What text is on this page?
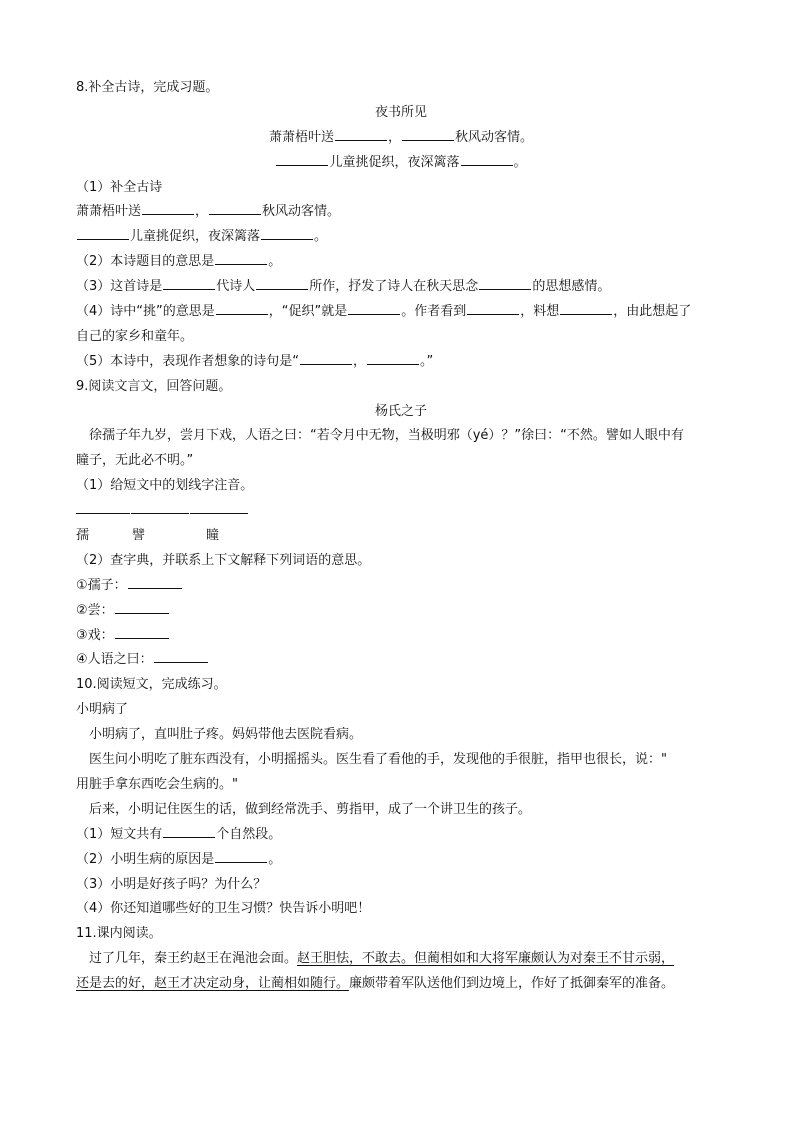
8.补全古诗，完成习题。
夜书所见
萧萧梧叶送	，	秋风动客情。
儿童挑促织，夜深篱落	。
（1）补全古诗
萧萧梧叶送	，	秋风动客情。
儿童挑促织，夜深篱落	。
（2）本诗题目的意思是	。
（3）这首诗是	代诗人	所作，抒发了诗人在秋天思念	的思想感情。
（4）诗中“挑”的意思是	，“促织”就是	。作者看到	，料想	，由此想起了
自己的家乡和童年。
（5）本诗中，表现作者想象的诗句是“	，	。”
9.阅读文言文，回答问题。
杨氏之子
徐孺子年九岁，尝月下戏，人语之曰：“若令月中无物，当极明邪（yé）？”徐曰：“不然。譬如人眼中有
瞳子，无此必不明。”
（1）给短文中的划线字注音。
孺	譬	瞳
（2）查字典，并联系上下文解释下列词语的意思。
①孺子：
②尝：
③戏：
④人语之曰：
10.阅读短文，完成练习。
小明病了
小明病了，直叫肚子疼。妈妈带他去医院看病。
医生问小明吃了脏东西没有，小明摇摇头。医生看了看他的手，发现他的手很脏，指甲也很长，说："
用脏手拿东西吃会生病的。"
后来，小明记住医生的话，做到经常洗手、剪指甲，成了一个讲卫生的孩子。
（1）短文共有	个自然段。
（2）小明生病的原因是	。
（3）小明是好孩子吗？为什么？
（4）你还知道哪些好的卫生习惯？快告诉小明吧！
11.课内阅读。
过了几年，秦王约赵王在渑池会面。赵王胆怯，不敢去。但蔺相如和大将军廉颇认为对秦王不甘示弱，
还是去的好，赵王才决定动身，让蔺相如随行。廉颇带着军队送他们到边境上，作好了抵御秦军的准备。
